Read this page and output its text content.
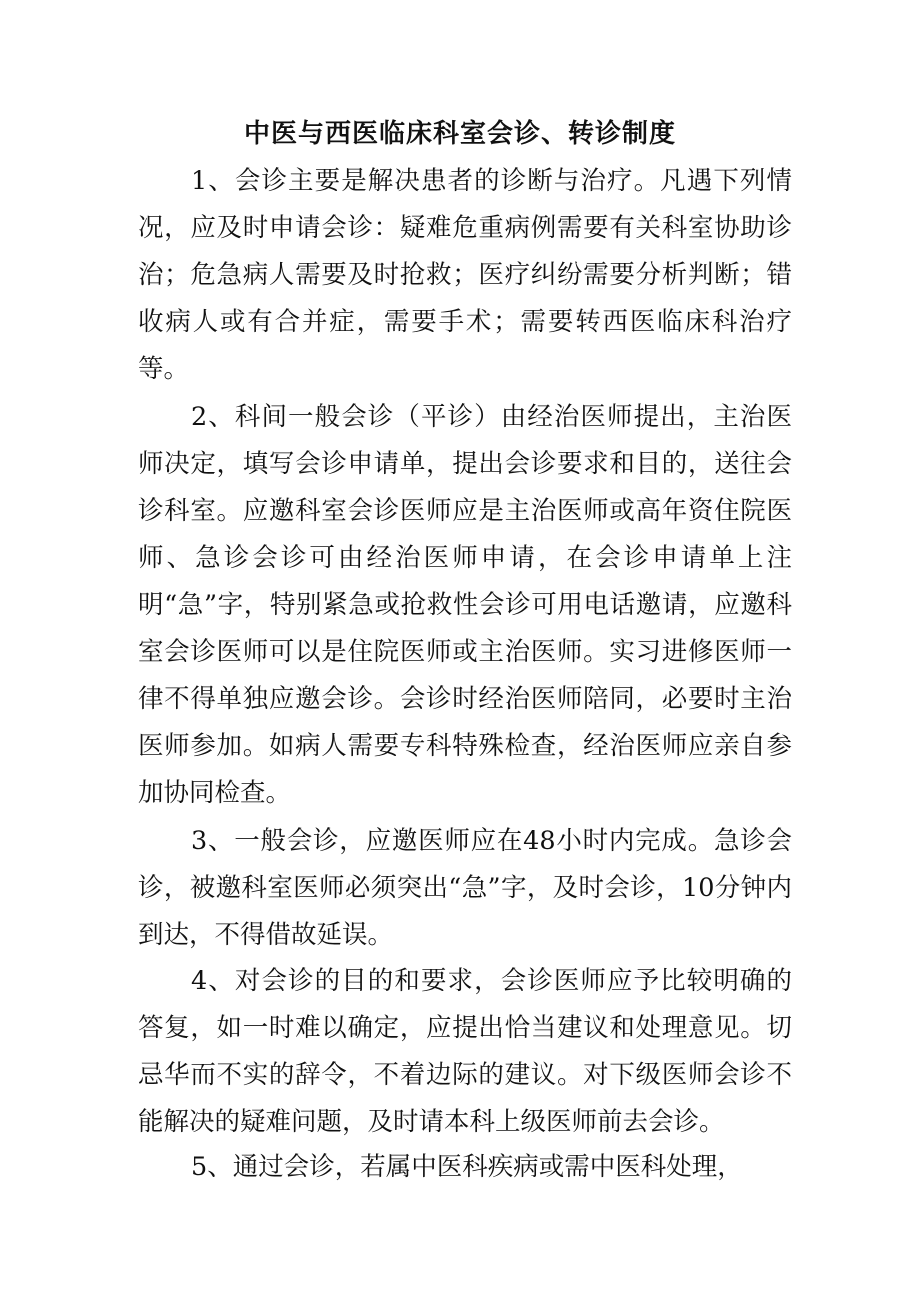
中医与西医临床科室会诊、转诊制度

1、会诊主要是解决患者的诊断与治疗。凡遇下列情况，应及时申请会诊：疑难危重病例需要有关科室协助诊治；危急病人需要及时抢救；医疗纠纷需要分析判断；错收病人或有合并症，需要手术；需要转西医临床科治疗等。

2、科间一般会诊（平诊）由经治医师提出，主治医师决定，填写会诊申请单，提出会诊要求和目的，送往会诊科室。应邀科室会诊医师应是主治医师或高年资住院医师、急诊会诊可由经治医师申请，在会诊申请单上注明“急”字，特别紧急或抢救性会诊可用电话邀请，应邀科室会诊医师可以是住院医师或主治医师。实习进修医师一律不得单独应邀会诊。会诊时经治医师陪同，必要时主治医师参加。如病人需要专科特殊检查，经治医师应亲自参加协同检查。

3、一般会诊，应邀医师应在48小时内完成。急诊会诊，被邀科室医师必须突出“急”字，及时会诊，10分钟内到达，不得借故延误。

4、对会诊的目的和要求，会诊医师应予比较明确的答复，如一时难以确定，应提出恰当建议和处理意见。切忌华而不实的辞令，不着边际的建议。对下级医师会诊不能解决的疑难问题，及时请本科上级医师前去会诊。

5、通过会诊，若属中医科疾病或需中医科处理，
